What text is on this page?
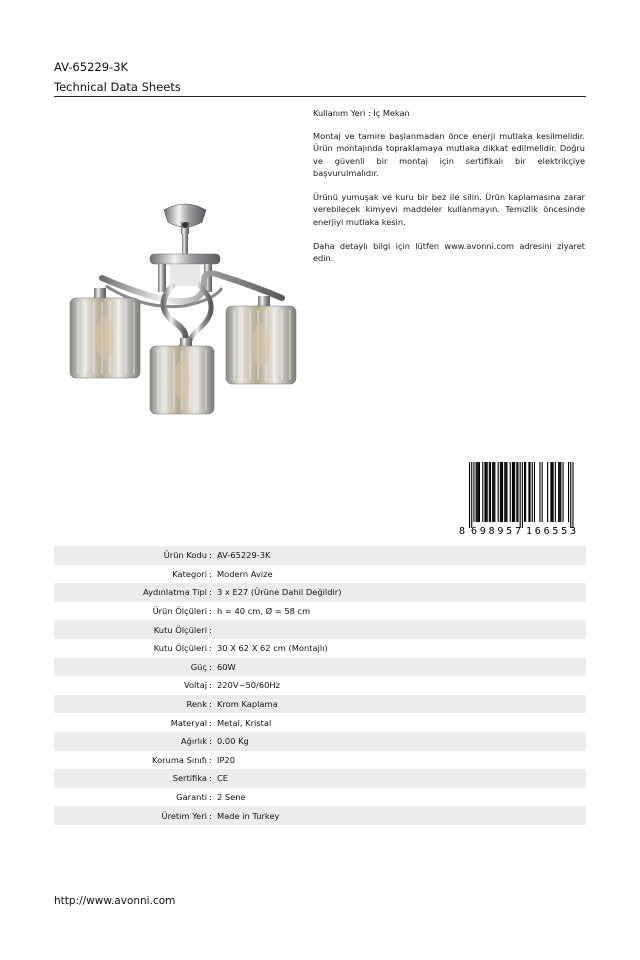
AV-65229-3K
Technical Data Sheets

Kullanım Yeri : İç Mekan

Montaj ve tamire başlanmadan önce enerji mutlaka kesilmelidir. Ürün montajında topraklamaya mutlaka dikkat edilmelidir. Doğru ve güvenli bir montaj için sertifikalı bir elektrikçiye başvurulmalıdır.

Ürünü yumuşak ve kuru bir bez ile silin. Ürün kaplamasına zarar verebilecek kimyevi maddeler kullanmayın. Temizlik öncesinde enerjiyi mutlaka kesin.

Daha detaylı bilgi için lütfen www.avonni.com adresini ziyaret edin.

8 698957 166553
Ürün Kodu : AV-65229-3K
Kategori : Modern Avize
Aydınlatma Tipi : 3 x E27 (Ürüne Dahil Değildir)
Ürün Ölçüleri : h = 40 cm, Ø = 58 cm
Kutu Ölçüleri :
Kutu Ölçüleri : 30 X 62 X 62 cm (Montajlı)
Güç : 60W
Voltaj : 220V~50/60Hz
Renk : Krom Kaplama
Materyal : Metal, Kristal
Ağırlık : 0.00 Kg
Koruma Sınıfı : IP20
Sertifika : CE
Garanti : 2 Sene
Üretim Yeri : Made in Turkey
http://www.avonni.com
